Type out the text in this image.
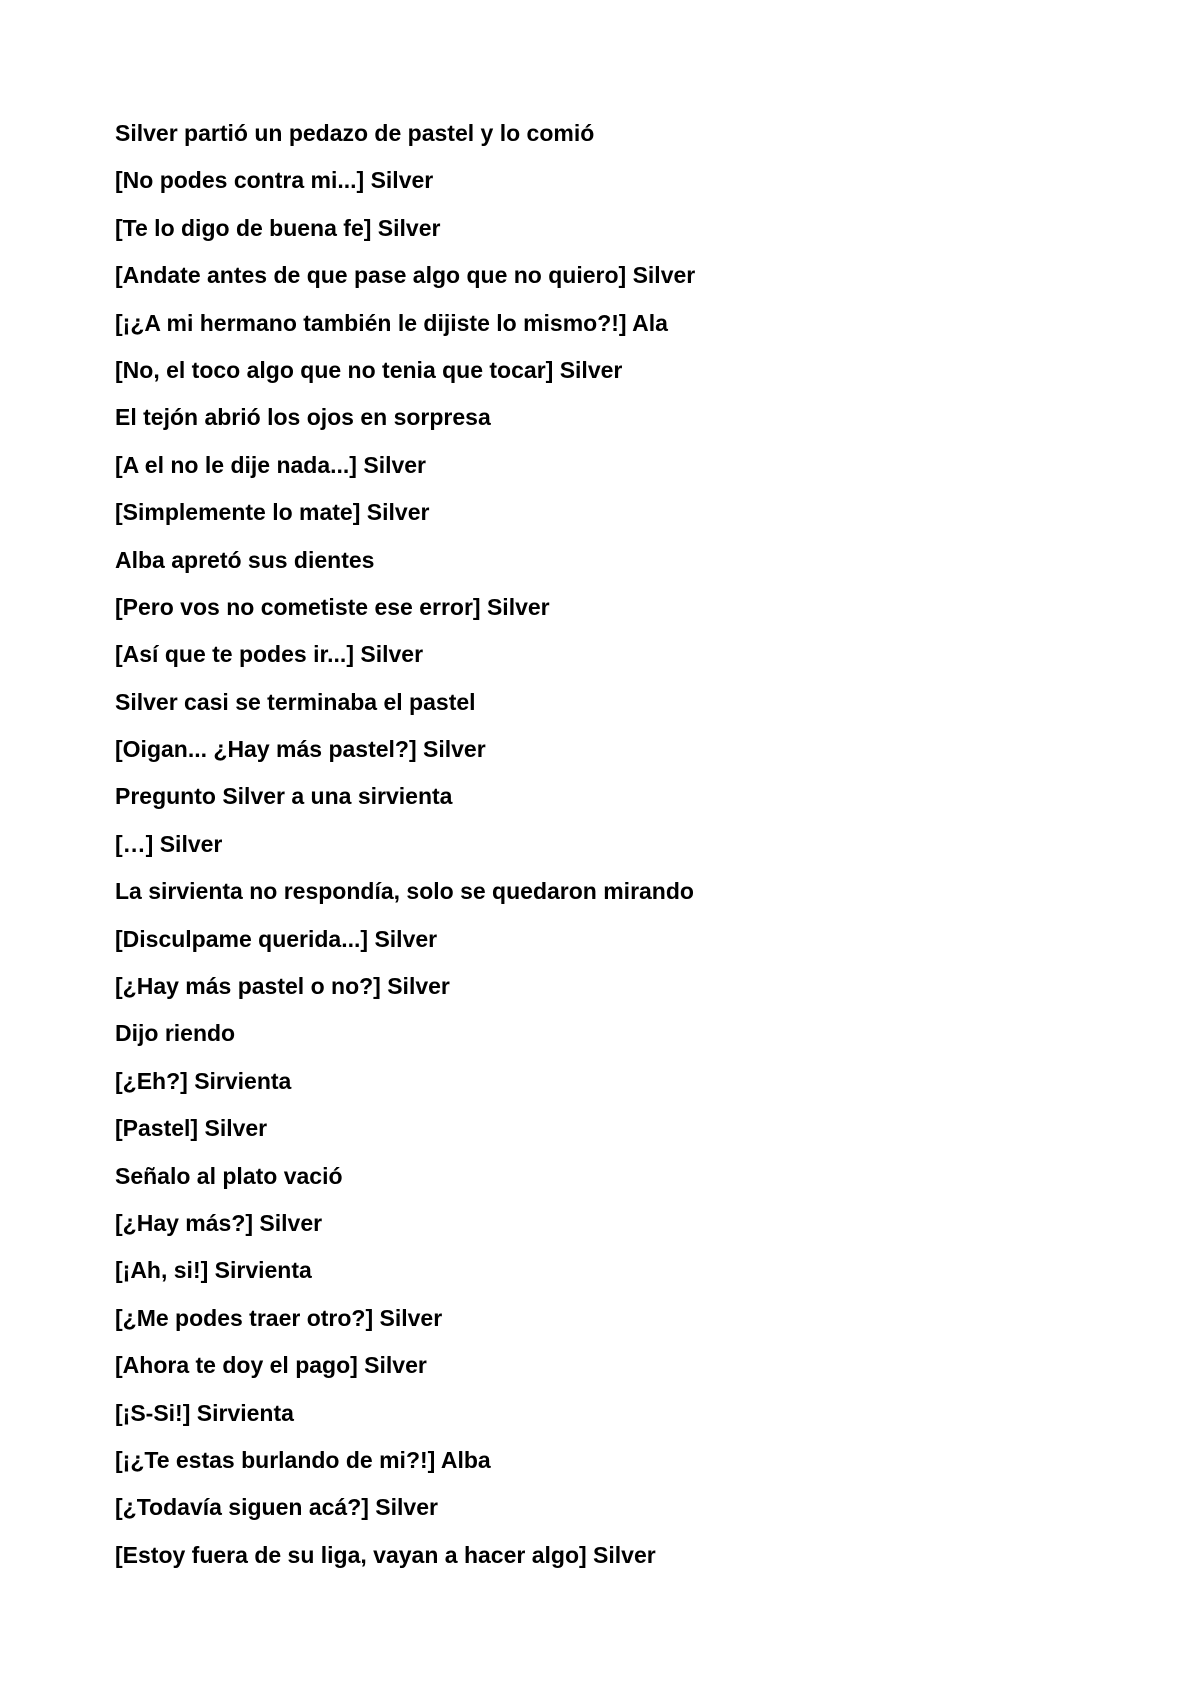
Silver partió un pedazo de pastel y lo comió
[No podes contra mi...] Silver
[Te lo digo de buena fe] Silver
[Andate antes de que pase algo que no quiero] Silver
[¡¿A mi hermano también le dijiste lo mismo?!] Ala
[No, el toco algo que no tenia que tocar] Silver
El tejón abrió los ojos en sorpresa
[A el no le dije nada...] Silver
[Simplemente lo mate] Silver
Alba apretó sus dientes
[Pero vos no cometiste ese error] Silver
[Así que te podes ir...] Silver
Silver casi se terminaba el pastel
[Oigan... ¿Hay más pastel?] Silver
Pregunto Silver a una sirvienta
[…] Silver
La sirvienta no respondía, solo se quedaron mirando
[Disculpame querida...] Silver
[¿Hay más pastel o no?] Silver
Dijo riendo
[¿Eh?] Sirvienta
[Pastel] Silver
Señalo al plato vació
[¿Hay más?] Silver
[¡Ah, si!] Sirvienta
[¿Me podes traer otro?] Silver
[Ahora te doy el pago] Silver
[¡S-Si!] Sirvienta
[¡¿Te estas burlando de mi?!] Alba
[¿Todavía siguen acá?] Silver
[Estoy fuera de su liga, vayan a hacer algo] Silver
